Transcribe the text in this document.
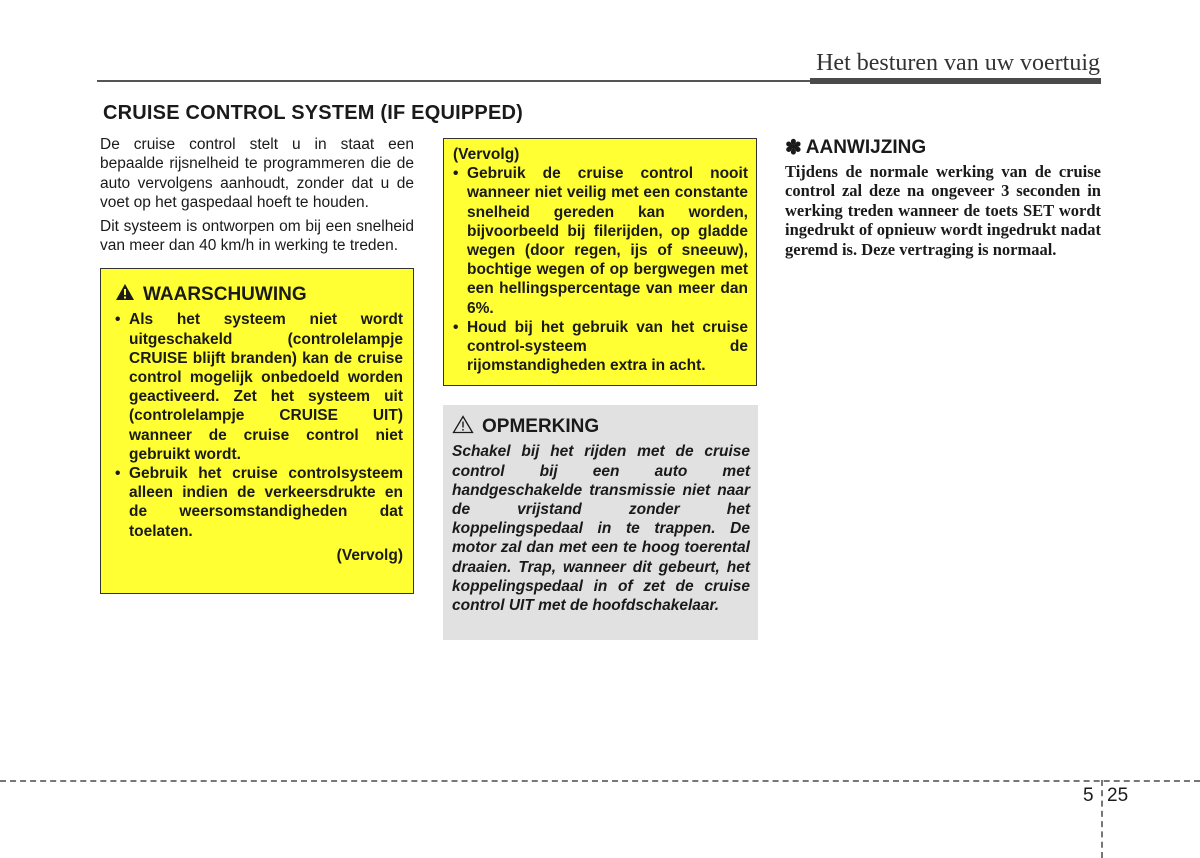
Het besturen van uw voertuig
CRUISE CONTROL SYSTEM (IF EQUIPPED)

De cruise control stelt u in staat een bepaalde rijsnelheid te programmeren die de auto vervolgens aanhoudt, zonder dat u de voet op het gaspedaal hoeft te houden.

Dit systeem is ontworpen om bij een snelheid van meer dan 40 km/h in werking te treden.

WAARSCHUWING
• Als het systeem niet wordt uitgeschakeld (controlelampje CRUISE blijft branden) kan de cruise control mogelijk onbedoeld worden geactiveerd. Zet het systeem uit (controlelampje CRUISE UIT) wanneer de cruise control niet gebruikt wordt.
• Gebruik het cruise controlsysteem alleen indien de verkeersdrukte en de weersomstandigheden dat toelaten.
(Vervolg)
(Vervolg)
• Gebruik de cruise control nooit wanneer niet veilig met een constante snelheid gereden kan worden, bijvoorbeeld bij filerijden, op gladde wegen (door regen, ijs of sneeuw), bochtige wegen of op bergwegen met een hellingspercentage van meer dan 6%.
• Houd bij het gebruik van het cruise control-systeem de rijomstandigheden extra in acht.
OPMERKING
Schakel bij het rijden met de cruise control bij een auto met handgeschakelde transmissie niet naar de vrijstand zonder het koppelingspedaal in te trappen. De motor zal dan met een te hoog toerental draaien. Trap, wanneer dit gebeurt, het koppelingspedaal in of zet de cruise control UIT met de hoofdschakelaar.
✽ AANWIJZING
Tijdens de normale werking van de cruise control zal deze na ongeveer 3 seconden in werking treden wanneer de toets SET wordt ingedrukt of opnieuw wordt ingedrukt nadat geremd is. Deze vertraging is normaal.
5 25
